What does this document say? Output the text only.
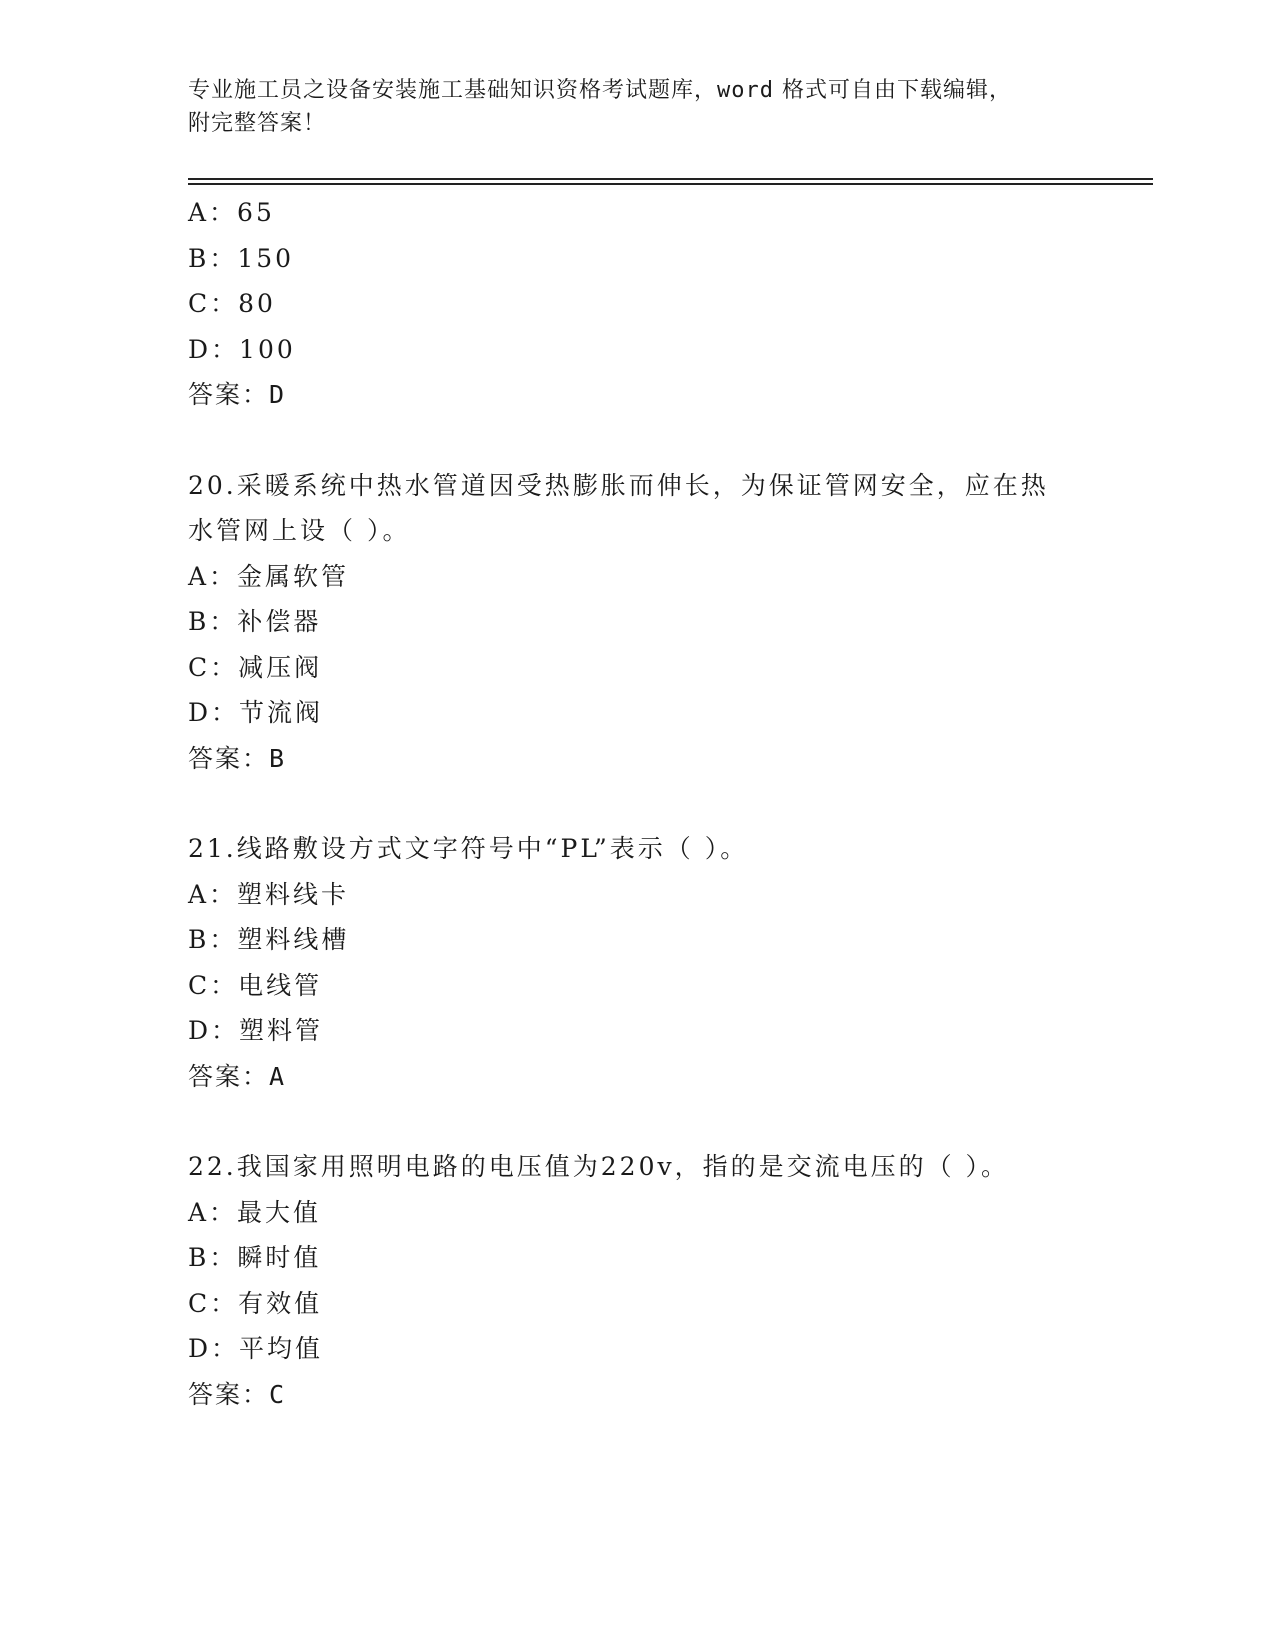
专业施工员之设备安装施工基础知识资格考试题库，word 格式可自由下载编辑，
附完整答案！
A：65
B：150
C：80
D：100
答案：D
20.采暖系统中热水管道因受热膨胀而伸长，为保证管网安全，应在热
水管网上设（ ）。
A：金属软管
B：补偿器
C：减压阀
D：节流阀
答案：B
21.线路敷设方式文字符号中“PL”表示（ ）。
A：塑料线卡
B：塑料线槽
C：电线管
D：塑料管
答案：A
22.我国家用照明电路的电压值为220v，指的是交流电压的（ ）。
A：最大值
B：瞬时值
C：有效值
D：平均值
答案：C
